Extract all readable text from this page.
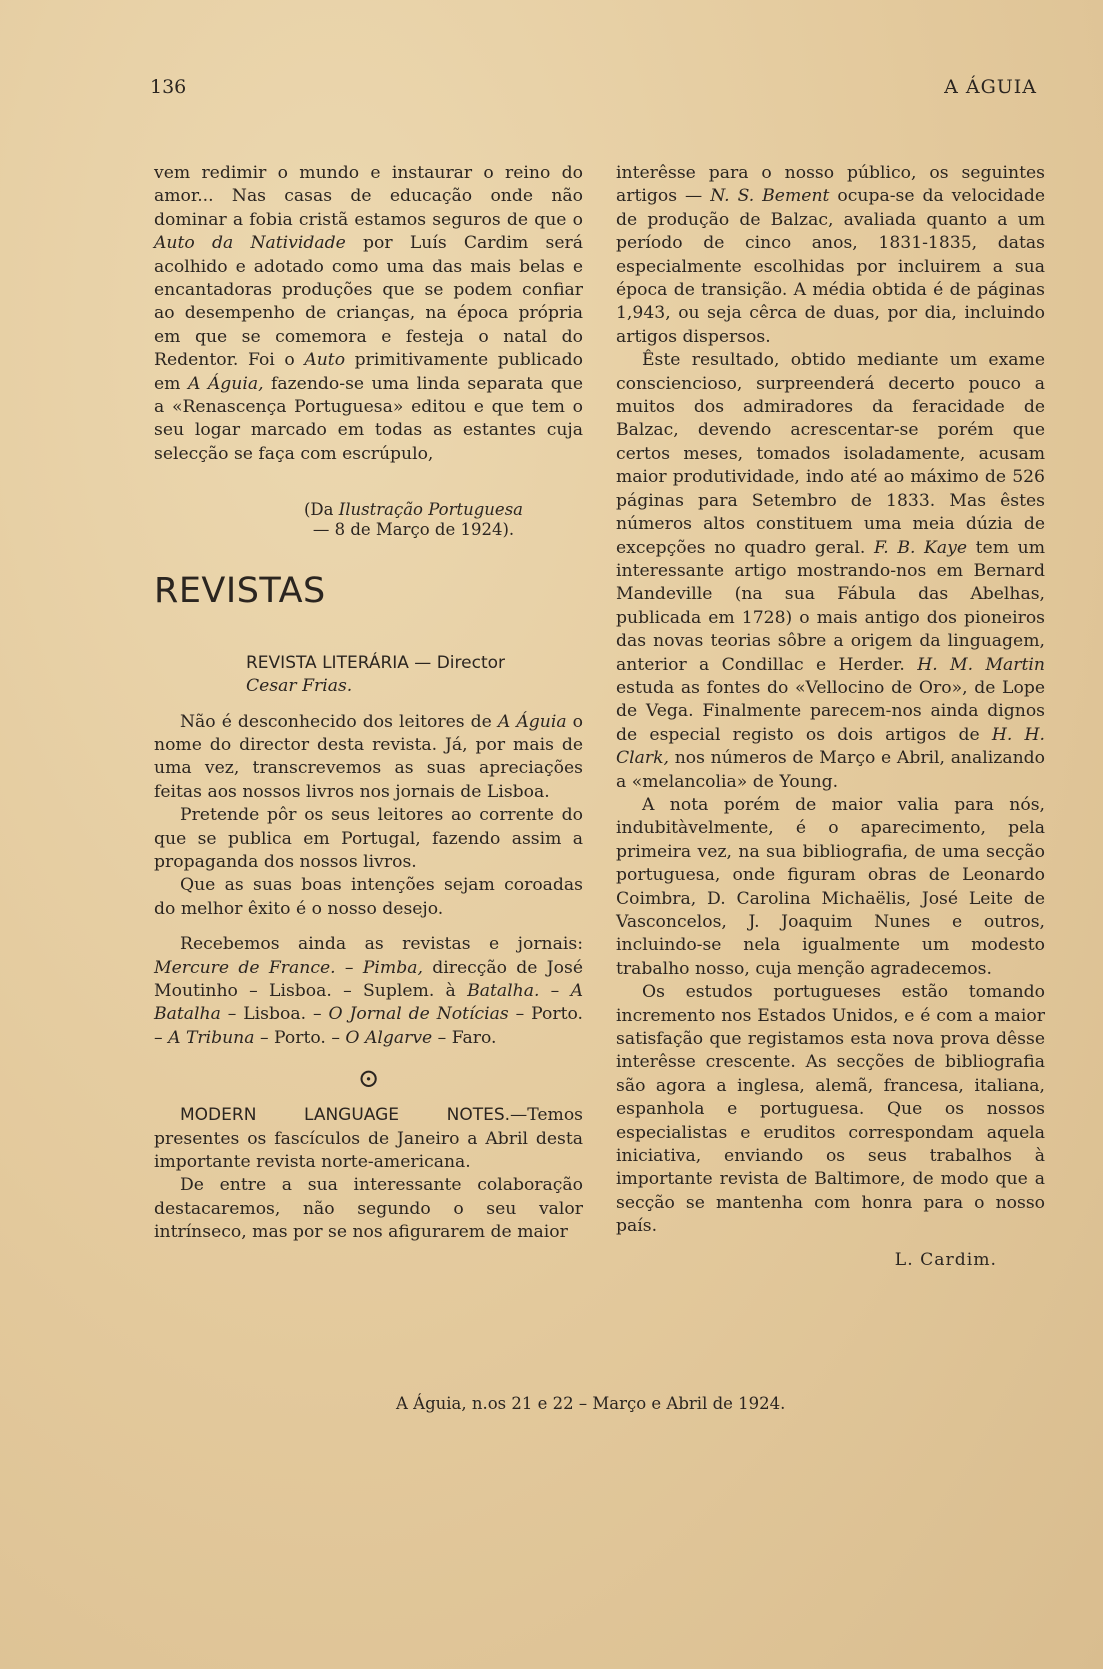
136	A ÁGUIA

vem redimir o mundo e instaurar o reino do amor... Nas casas de educação onde não dominar a fobia cristã estamos seguros de que o Auto da Natividade por Luís Cardim será acolhido e adotado como uma das mais belas e encantadoras produções que se podem confiar ao desempenho de crianças, na época própria em que se comemora e festeja o natal do Redentor. Foi o Auto primitivamente publicado em A Águia, fazendo-se uma linda separata que a «Renascença Portuguesa» editou e que tem o seu logar marcado em todas as estantes cuja selecção se faça com escrúpulo,

(Da Ilustração Portuguesa
— 8 de Março de 1924).
REVISTAS

REVISTA LITERÁRIA — Director
Cesar Frias.

Não é desconhecido dos leitores de A Águia o nome do director desta revista. Já, por mais de uma vez, transcrevemos as suas apreciações feitas aos nossos livros nos jornais de Lisboa.

Pretende pôr os seus leitores ao corrente do que se publica em Portugal, fazendo assim a propaganda dos nossos livros.

Que as suas boas intenções sejam coroadas do melhor êxito é o nosso desejo.

Recebemos ainda as revistas e jornais: Mercure de France. – Pimba, direcção de José Moutinho – Lisboa. – Suplem. à Batalha. – A Batalha – Lisboa. – O Jornal de Notícias – Porto. – A Tribuna – Porto. – O Algarve – Faro.

⊙

MODERN LANGUAGE NOTES.—Temos presentes os fascículos de Janeiro a Abril desta importante revista norte-americana.

De entre a sua interessante colaboração destacaremos, não segundo o seu valor intrínseco, mas por se nos afigurarem de maior

interêsse para o nosso público, os seguintes artigos — N. S. Bement ocupa-se da velocidade de produção de Balzac, avaliada quanto a um período de cinco anos, 1831-1835, datas especialmente escolhidas por incluirem a sua época de transição. A média obtida é de páginas 1,943, ou seja cêrca de duas, por dia, incluindo artigos dispersos.

Êste resultado, obtido mediante um exame consciencioso, surpreenderá decerto pouco a muitos dos admiradores da feracidade de Balzac, devendo acrescentar-se porém que certos meses, tomados isoladamente, acusam maior produtividade, indo até ao máximo de 526 páginas para Setembro de 1833. Mas êstes números altos constituem uma meia dúzia de excepções no quadro geral. F. B. Kaye tem um interessante artigo mostrando-nos em Bernard Mandeville (na sua Fábula das Abelhas, publicada em 1728) o mais antigo dos pioneiros das novas teorias sôbre a origem da linguagem, anterior a Condillac e Herder. H. M. Martin estuda as fontes do «Vellocino de Oro», de Lope de Vega. Finalmente parecem-nos ainda dignos de especial registo os dois artigos de H. H. Clark, nos números de Março e Abril, analizando a «melancolia» de Young.

A nota porém de maior valia para nós, indubitàvelmente, é o aparecimento, pela primeira vez, na sua bibliografia, de uma secção portuguesa, onde figuram obras de Leonardo Coimbra, D. Carolina Michaëlis, José Leite de Vasconcelos, J. Joaquim Nunes e outros, incluindo-se nela igualmente um modesto trabalho nosso, cuja menção agradecemos.

Os estudos portugueses estão tomando incremento nos Estados Unidos, e é com a maior satisfação que registamos esta nova prova dêsse interêsse crescente. As secções de bibliografia são agora a inglesa, alemã, francesa, italiana, espanhola e portuguesa. Que os nossos especialistas e eruditos correspondam aquela iniciativa, enviando os seus trabalhos à importante revista de Baltimore, de modo que a secção se mantenha com honra para o nosso país.

L. Cardim.
A Águia, n.os 21 e 22 – Março e Abril de 1924.
